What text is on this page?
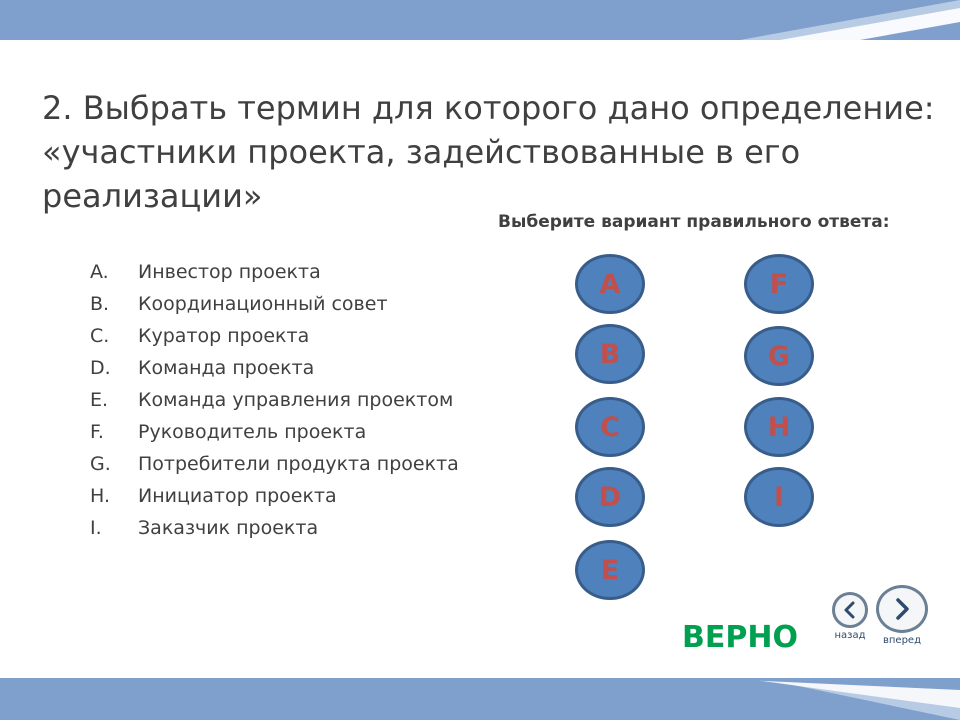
2. Выбрать термин для которого дано определение:
«участники проекта, задействованные в его
реализации»
Выберите вариант правильного ответа:
A. Инвестор проекта
B. Координационный совет
C. Куратор проекта
D. Команда проекта
E. Команда управления проектом
F. Руководитель проекта
G. Потребители продукта проекта
H. Инициатор проекта
I. Заказчик проекта
A
B
C
D
E
F
G
H
I
ВЕРНО	назад вперед
